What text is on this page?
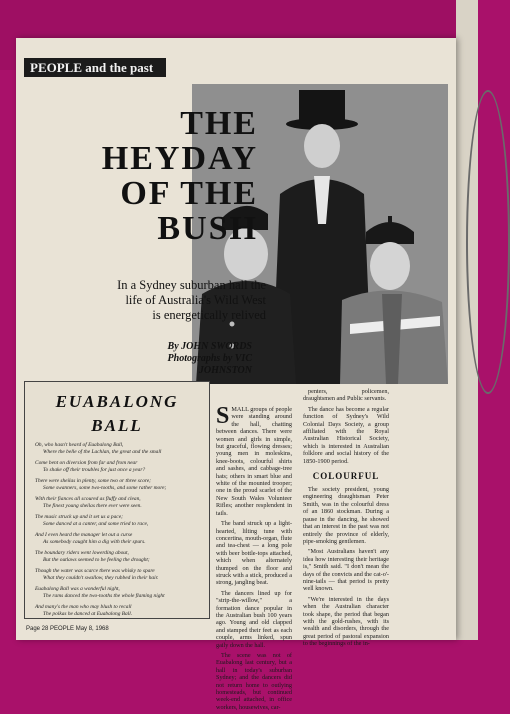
PEOPLE and the past
THE
HEYDAY
OF THE
BUSH

In a Sydney suburban hall the life of Australia's Wild West is energetically relived

By JOHN SWORDS
Photographs by VIC JOHNSTON
EUABALONG
BALL
Oh, who hasn't heard of Euabalong Ball,
Where the belle of the Lachlan, the great and the small
Come bent on diversion from far and from near
To shake off their troubles for just once a year?
There were sheilas in plenty, some two or three score;
Some swanners, some two-tooths, and some rather more;
With their fiances all scoured as fluffy and clean,
The finest young sheilas there ever were seen.
The music struck up and it set us a pace;
Some danced at a canter, and some tried to race,
And I even heard the manager let out a curse
As somebody caught him a dig with their spurs.
The boundary riders went lowerding about,
But the outlaws seemed to be feeling the drought;
Though the water was scarce there was whisky to spare
What they couldn't swallow, they rubbed in their hair.
Euabalong Ball was a wonderful night,
The rams danced the two-tooths the whole flaming night
And many's the man who may blush to recall
The polkas he danced at Euabalong Ball.

SMALL groups of people were standing around the hall, chatting between dances. There were women and girls in simple, but graceful, flowing dresses; young men in moleskins, knee-boots, colourful shirts and sashes, and cabbage-tree hats; others in smart blue and white of the mounted trooper; one in the proud scarlet of the New South Wales Volunteer Rifles; another resplendent in tails.

The band struck up a light-hearted, lilting tune with concertina, mouth-organ, flute and tea-chest — a long pole with beer bottle-tops attached, which when alternately thumped on the floor and struck with a stick, produced a strong, jangling beat.

The dancers lined up for "strip-the-willow," a formation dance popular in the Australian bush 100 years ago. Young and old clapped and stamped their feet as each couple, arms linked, spun gaily down the hall.

The scene was not of Euabalong last century, but a hall in today's suburban Sydney; and the dancers did not return home to outlying homesteads, but continued week-end attached, in office workers, housewives, car-

penters, policemen, draughtsmen and Public servants.

The dance has become a regular function of Sydney's Wild Colonial Days Society, a group affiliated with the Royal Australian Historical Society, which is interested in Australian folklore and social history of the 1850-1900 period.

COLOURFUL

The society president, young engineering draughtsman Peter Smith, was in the colourful dress of an 1860 stockman. During a pause in the dancing, he showed that an interest in the past was not entirely the province of elderly, pipe-smoking gentlemen.

"Most Australians haven't any idea how interesting their heritage is," Smith said. "I don't mean the days of the convicts and the cat-o'-nine-tails — that period is pretty well known.

"We're interested in the days when the Australian character took shape, the period that began with the gold-rushes, with its wealth and disorders, through the great period of pastoral expansion to the beginnings of the in-

Page 28 PEOPLE May 8, 1968
